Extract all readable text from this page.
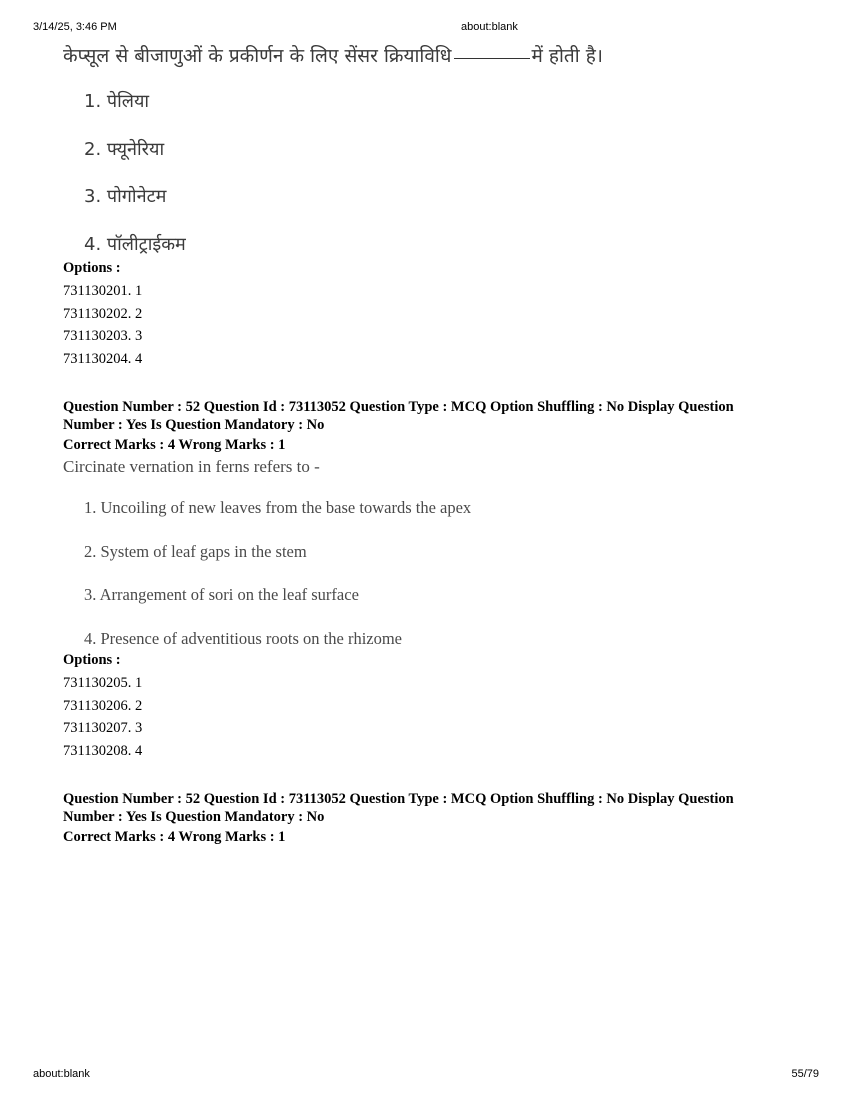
3/14/25, 3:46 PM	about:blank
केप्सूल से बीजाणुओं के प्रकीर्णन के लिए सेंसर क्रियाविधि	में होती है।
1. पेलिया
2. फ्यूनेरिया
3. पोगोनेटम
4. पॉलीट्राईकम
Options :
731130201. 1
731130202. 2
731130203. 3
731130204. 4
Question Number : 52 Question Id : 73113052 Question Type : MCQ Option Shuffling : No Display Question
Number : Yes Is Question Mandatory : No
Correct Marks : 4 Wrong Marks : 1
Circinate vernation in ferns refers to -
1. Uncoiling of new leaves from the base towards the apex
2. System of leaf gaps in the stem
3. Arrangement of sori on the leaf surface
4. Presence of adventitious roots on the rhizome
Options :
731130205. 1
731130206. 2
731130207. 3
731130208. 4
Question Number : 52 Question Id : 73113052 Question Type : MCQ Option Shuffling : No Display Question
Number : Yes Is Question Mandatory : No
Correct Marks : 4 Wrong Marks : 1
about:blank	55/79
